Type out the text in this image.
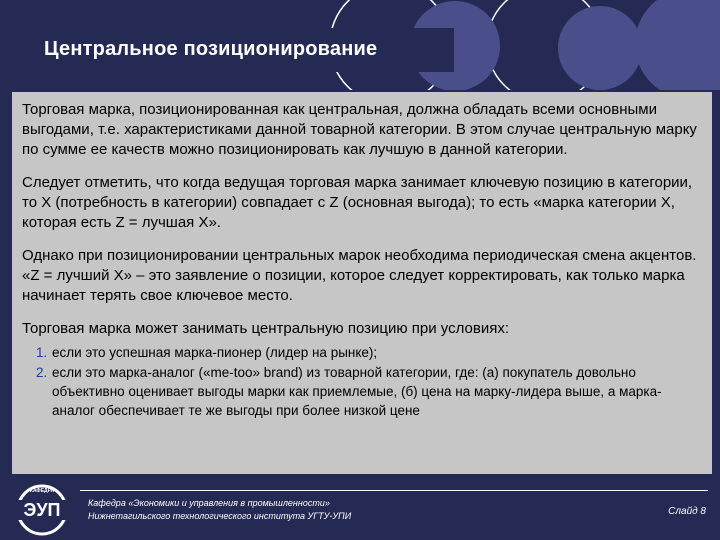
Центральное позиционирование

Торговая марка, позиционированная как центральная, должна обладать всеми основными выгодами, т.е. характеристиками данной товарной категории. В этом случае центральную марку по сумме ее качеств можно позиционировать как лучшую в данной категории.

Следует отметить, что когда ведущая торговая марка занимает ключевую позицию в категории, то X (потребность в категории) совпадает с Z (основная выгода); то есть «марка категории X, которая есть Z = лучшая X».

Однако при позиционировании центральных марок необходима периодическая смена акцентов. «Z = лучший X» – это заявление о позиции, которое следует корректировать, как только марка начинает терять свое ключевое место.

Торговая марка может занимать центральную позицию при условиях:

1. если это успешная марка-пионер (лидер на рынке);
2. если это марка-аналог («me-too» brand) из товарной категории, где: (а) покупатель довольно объективно оценивает выгоды марки как приемлемые, (б) цена на марку-лидера выше, а марка-аналог обеспечивает те же выгоды при более низкой цене
ЭУП
КАФЕДРА
Кафедра «Экономики и управления в промышленности»
Нижнетагильского технологического института УГТУ-УПИ	Слайд 8
